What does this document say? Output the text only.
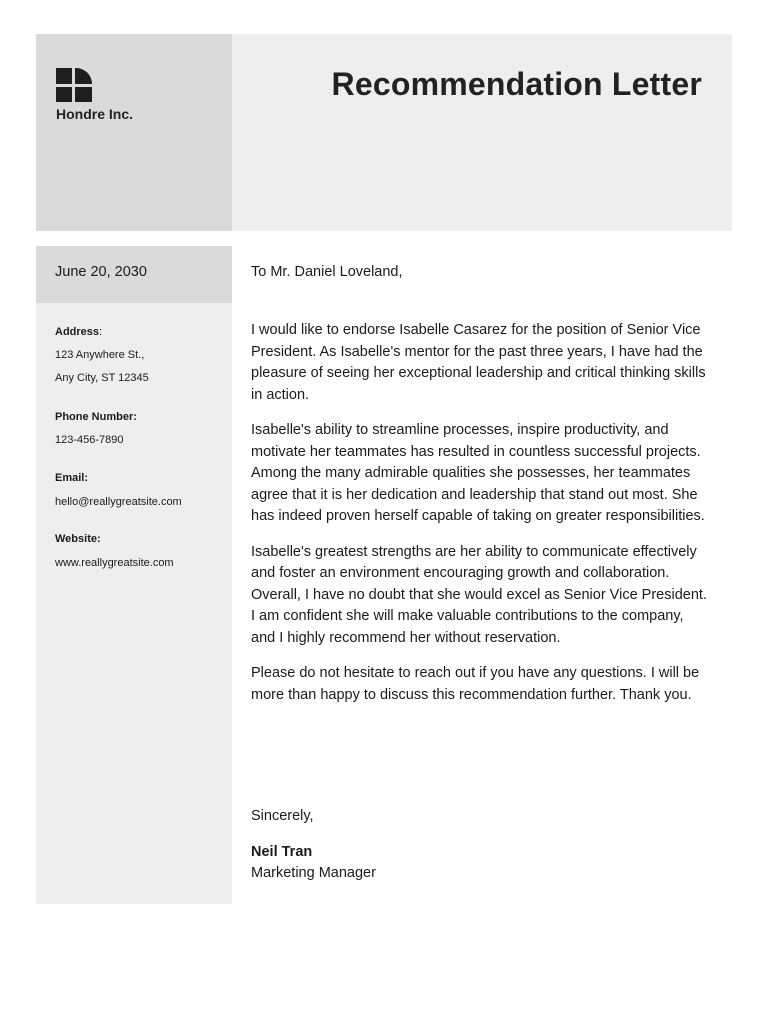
Hondre Inc.
Recommendation Letter
June 20, 2030
Address:
123 Anywhere St.,
Any City, ST 12345
Phone Number:
123-456-7890
Email:
hello@reallygreatsite.com
Website:
www.reallygreatsite.com
To Mr. Daniel Loveland,

I would like to endorse Isabelle Casarez for the position of Senior Vice President. As Isabelle's mentor for the past three years, I have had the pleasure of seeing her exceptional leadership and critical thinking skills in action.

Isabelle's ability to streamline processes, inspire productivity, and motivate her teammates has resulted in countless successful projects. Among the many admirable qualities she possesses, her teammates agree that it is her dedication and leadership that stand out most. She has indeed proven herself capable of taking on greater responsibilities.

Isabelle's greatest strengths are her ability to communicate effectively and foster an environment encouraging growth and collaboration. Overall, I have no doubt that she would excel as Senior Vice President. I am confident she will make valuable contributions to the company, and I highly recommend her without reservation.

Please do not hesitate to reach out if you have any questions. I will be more than happy to discuss this recommendation further. Thank you.

Sincerely,
Neil Tran
Marketing Manager
